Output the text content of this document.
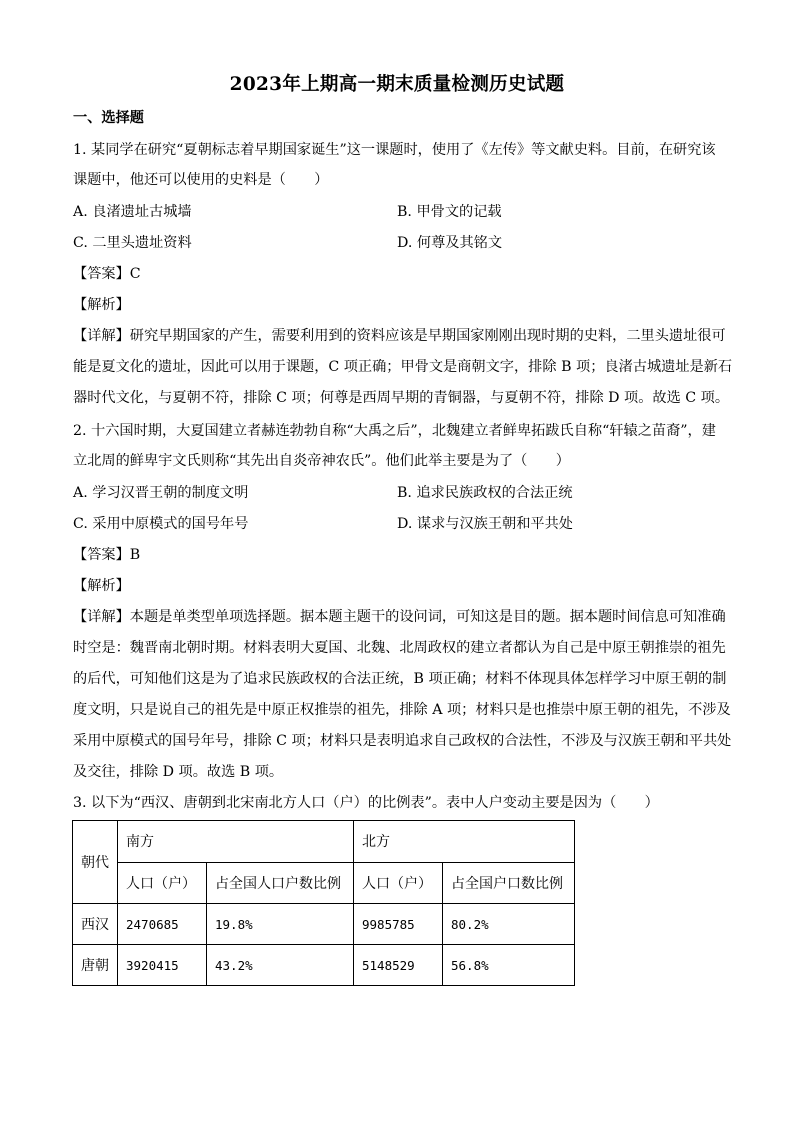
2023年上期高一期末质量检测历史试题
一、选择题
1. 某同学在研究“夏朝标志着早期国家诞生”这一课题时，使用了《左传》等文献史料。目前，在研究该
课题中，他还可以使用的史料是（　　）
A. 良渚遗址古城墙	B. 甲骨文的记载
C. 二里头遗址资料	D. 何尊及其铭文
【答案】C
【解析】
【详解】研究早期国家的产生，需要利用到的资料应该是早期国家刚刚出现时期的史料，二里头遗址很可
能是夏文化的遗址，因此可以用于课题，C 项正确；甲骨文是商朝文字，排除 B 项；良渚古城遗址是新石
器时代文化，与夏朝不符，排除 C 项；何尊是西周早期的青铜器，与夏朝不符，排除 D 项。故选 C 项。
2. 十六国时期，大夏国建立者赫连勃勃自称“大禹之后”，北魏建立者鲜卑拓跋氏自称“轩辕之苗裔”，建
立北周的鲜卑宇文氏则称“其先出自炎帝神农氏”。他们此举主要是为了（　　）
A. 学习汉晋王朝的制度文明	B. 追求民族政权的合法正统
C. 采用中原模式的国号年号	D. 谋求与汉族王朝和平共处
【答案】B
【解析】
【详解】本题是单类型单项选择题。据本题主题干的设问词，可知这是目的题。据本题时间信息可知准确
时空是：魏晋南北朝时期。材料表明大夏国、北魏、北周政权的建立者都认为自己是中原王朝推崇的祖先
的后代，可知他们这是为了追求民族政权的合法正统，B 项正确；材料不体现具体怎样学习中原王朝的制
度文明，只是说自己的祖先是中原正权推崇的祖先，排除 A 项；材料只是也推崇中原王朝的祖先，不涉及
采用中原模式的国号年号，排除 C 项；材料只是表明追求自己政权的合法性，不涉及与汉族王朝和平共处
及交往，排除 D 项。故选 B 项。
3. 以下为“西汉、唐朝到北宋南北方人口（户）的比例表”。表中人户变动主要是因为（　　）
朝代	南方		北方	
	人口（户）	占全国人口户数比例	人口（户）	占全国户口数比例
西汉	2470685	19.8%	9985785	80.2%
唐朝	3920415	43.2%	5148529	56.8%
